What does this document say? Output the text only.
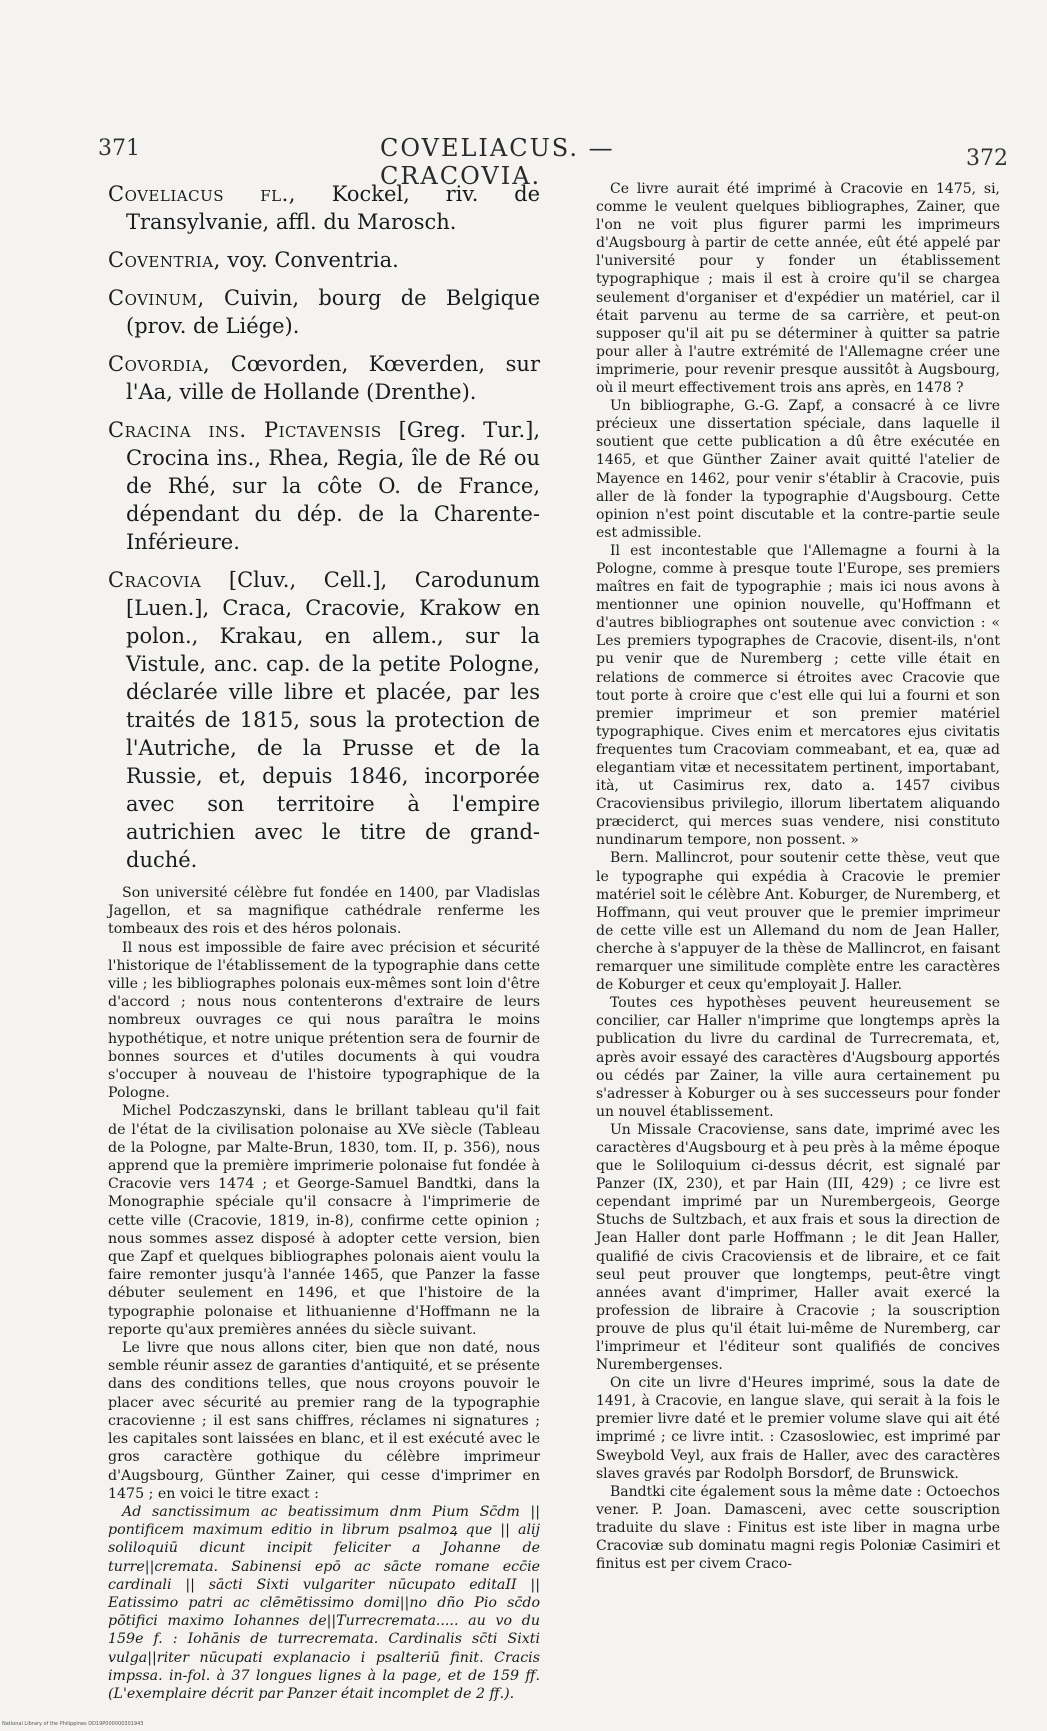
371	COVELIACUS. — CRACOVIA.
372

Coveliacus fl., Kockel, riv. de Transylvanie, affl. du Marosch.

Coventria, voy. Conventria.

Covinum, Cuivin, bourg de Belgique (prov. de Liége).

Covordia, Cœvorden, Kœverden, sur l'Aa, ville de Hollande (Drenthe).

Cracina ins. Pictavensis [Greg. Tur.], Crocina ins., Rhea, Regia, île de Ré ou de Rhé, sur la côte O. de France, dépendant du dép. de la Charente-Inférieure.

Cracovia [Cluv., Cell.], Carodunum [Luen.], Craca, Cracovie, Krakow en polon., Krakau, en allem., sur la Vistule, anc. cap. de la petite Pologne, déclarée ville libre et placée, par les traités de 1815, sous la protection de l'Autriche, de la Prusse et de la Russie, et, depuis 1846, incorporée avec son territoire à l'empire autrichien avec le titre de grand-duché.

Son université célèbre fut fondée en 1400, par Vladislas Jagellon, et sa magnifique cathédrale renferme les tombeaux des rois et des héros polonais.

Il nous est impossible de faire avec précision et sécurité l'historique de l'établissement de la typographie dans cette ville ; les bibliographes polonais eux-mêmes sont loin d'être d'accord ; nous nous contenterons d'extraire de leurs nombreux ouvrages ce qui nous paraîtra le moins hypothétique, et notre unique prétention sera de fournir de bonnes sources et d'utiles documents à qui voudra s'occuper à nouveau de l'histoire typographique de la Pologne.

Michel Podczaszynski, dans le brillant tableau qu'il fait de l'état de la civilisation polonaise au XVe siècle (Tableau de la Pologne, par Malte-Brun, 1830, tom. II, p. 356), nous apprend que la première imprimerie polonaise fut fondée à Cracovie vers 1474 ; et George-Samuel Bandtki, dans la Monographie spéciale qu'il consacre à l'imprimerie de cette ville (Cracovie, 1819, in-8), confirme cette opinion ; nous sommes assez disposé à adopter cette version, bien que Zapf et quelques bibliographes polonais aient voulu la faire remonter jusqu'à l'année 1465, que Panzer la fasse débuter seulement en 1496, et que l'histoire de la typographie polonaise et lithuanienne d'Hoffmann ne la reporte qu'aux premières années du siècle suivant.

Le livre que nous allons citer, bien que non daté, nous semble réunir assez de garanties d'antiquité, et se présente dans des conditions telles, que nous croyons pouvoir le placer avec sécurité au premier rang de la typographie cracovienne ; il est sans chiffres, réclames ni signatures ; les capitales sont laissées en blanc, et il est exécuté avec le gros caractère gothique du célèbre imprimeur d'Augsbourg, Günther Zainer, qui cesse d'imprimer en 1475 ; en voici le titre exact :

Ad sanctissimum ac beatissimum dnm Pium Sc̄dm || pontificem maximum editio in librum psalmoꝝ que || alij soliloquiū dicunt incipit feliciter a Johanne de turre||cremata. Sabinensi epō ac sācte romane ecc̄ie cardinali || sācti Sixti vulgariter nūcupato editaII || Eatissimo patri ac clēmētissimo domi||no dño Pio sc̄do pōtifici maximo Iohannes de||Turrecremata..... au vo du 159e f. : Iohānis de turrecremata. Cardinalis sc̄ti Sixti vulga||riter nūcupati explanacio i psalteriū finit. Cracis impssa. in-fol. à 37 longues lignes à la page, et de 159 ff. (L'exemplaire décrit par Panzer était incomplet de 2 ff.).

Ce livre aurait été imprimé à Cracovie en 1475, si, comme le veulent quelques bibliographes, Zainer, que l'on ne voit plus figurer parmi les imprimeurs d'Augsbourg à partir de cette année, eût été appelé par l'université pour y fonder un établissement typographique ; mais il est à croire qu'il se chargea seulement d'organiser et d'expédier un matériel, car il était parvenu au terme de sa carrière, et peut-on supposer qu'il ait pu se déterminer à quitter sa patrie pour aller à l'autre extrémité de l'Allemagne créer une imprimerie, pour revenir presque aussitôt à Augsbourg, où il meurt effectivement trois ans après, en 1478 ?

Un bibliographe, G.-G. Zapf, a consacré à ce livre précieux une dissertation spéciale, dans laquelle il soutient que cette publication a dû être exécutée en 1465, et que Günther Zainer avait quitté l'atelier de Mayence en 1462, pour venir s'établir à Cracovie, puis aller de là fonder la typographie d'Augsbourg. Cette opinion n'est point discutable et la contre-partie seule est admissible.

Il est incontestable que l'Allemagne a fourni à la Pologne, comme à presque toute l'Europe, ses premiers maîtres en fait de typographie ; mais ici nous avons à mentionner une opinion nouvelle, qu'Hoffmann et d'autres bibliographes ont soutenue avec conviction : « Les premiers typographes de Cracovie, disent-ils, n'ont pu venir que de Nuremberg ; cette ville était en relations de commerce si étroites avec Cracovie que tout porte à croire que c'est elle qui lui a fourni et son premier imprimeur et son premier matériel typographique. Cives enim et mercatores ejus civitatis frequentes tum Cracoviam commeabant, et ea, quæ ad elegantiam vitæ et necessitatem pertinent, importabant, ità, ut Casimirus rex, dato a. 1457 civibus Cracoviensibus privilegio, illorum libertatem aliquando præciderct, qui merces suas vendere, nisi constituto nundinarum tempore, non possent. »

Bern. Mallincrot, pour soutenir cette thèse, veut que le typographe qui expédia à Cracovie le premier matériel soit le célèbre Ant. Koburger, de Nuremberg, et Hoffmann, qui veut prouver que le premier imprimeur de cette ville est un Allemand du nom de Jean Haller, cherche à s'appuyer de la thèse de Mallincrot, en faisant remarquer une similitude complète entre les caractères de Koburger et ceux qu'employait J. Haller.

Toutes ces hypothèses peuvent heureusement se concilier, car Haller n'imprime que longtemps après la publication du livre du cardinal de Turrecremata, et, après avoir essayé des caractères d'Augsbourg apportés ou cédés par Zainer, la ville aura certainement pu s'adresser à Koburger ou à ses successeurs pour fonder un nouvel établissement.

Un Missale Cracoviense, sans date, imprimé avec les caractères d'Augsbourg et à peu près à la même époque que le Soliloquium ci-dessus décrit, est signalé par Panzer (IX, 230), et par Hain (III, 429) ; ce livre est cependant imprimé par un Nurembergeois, George Stuchs de Sultzbach, et aux frais et sous la direction de Jean Haller dont parle Hoffmann ; le dit Jean Haller, qualifié de civis Cracoviensis et de libraire, et ce fait seul peut prouver que longtemps, peut-être vingt années avant d'imprimer, Haller avait exercé la profession de libraire à Cracovie ; la souscription prouve de plus qu'il était lui-même de Nuremberg, car l'imprimeur et l'éditeur sont qualifiés de concives Nurembergenses.

On cite un livre d'Heures imprimé, sous la date de 1491, à Cracovie, en langue slave, qui serait à la fois le premier livre daté et le premier volume slave qui ait été imprimé ; ce livre intit. : Czasoslowiec, est imprimé par Sweybold Veyl, aux frais de Haller, avec des caractères slaves gravés par Rodolph Borsdorf, de Brunswick.

Bandtki cite également sous la même date : Octoechos vener. P. Joan. Damasceni, avec cette souscription traduite du slave : Finitus est iste liber in magna urbe Cracoviæ sub dominatu magni regis Poloniæ Casimiri et finitus est per civem Craco-

National Library of the Philippines DD19P000000301943
